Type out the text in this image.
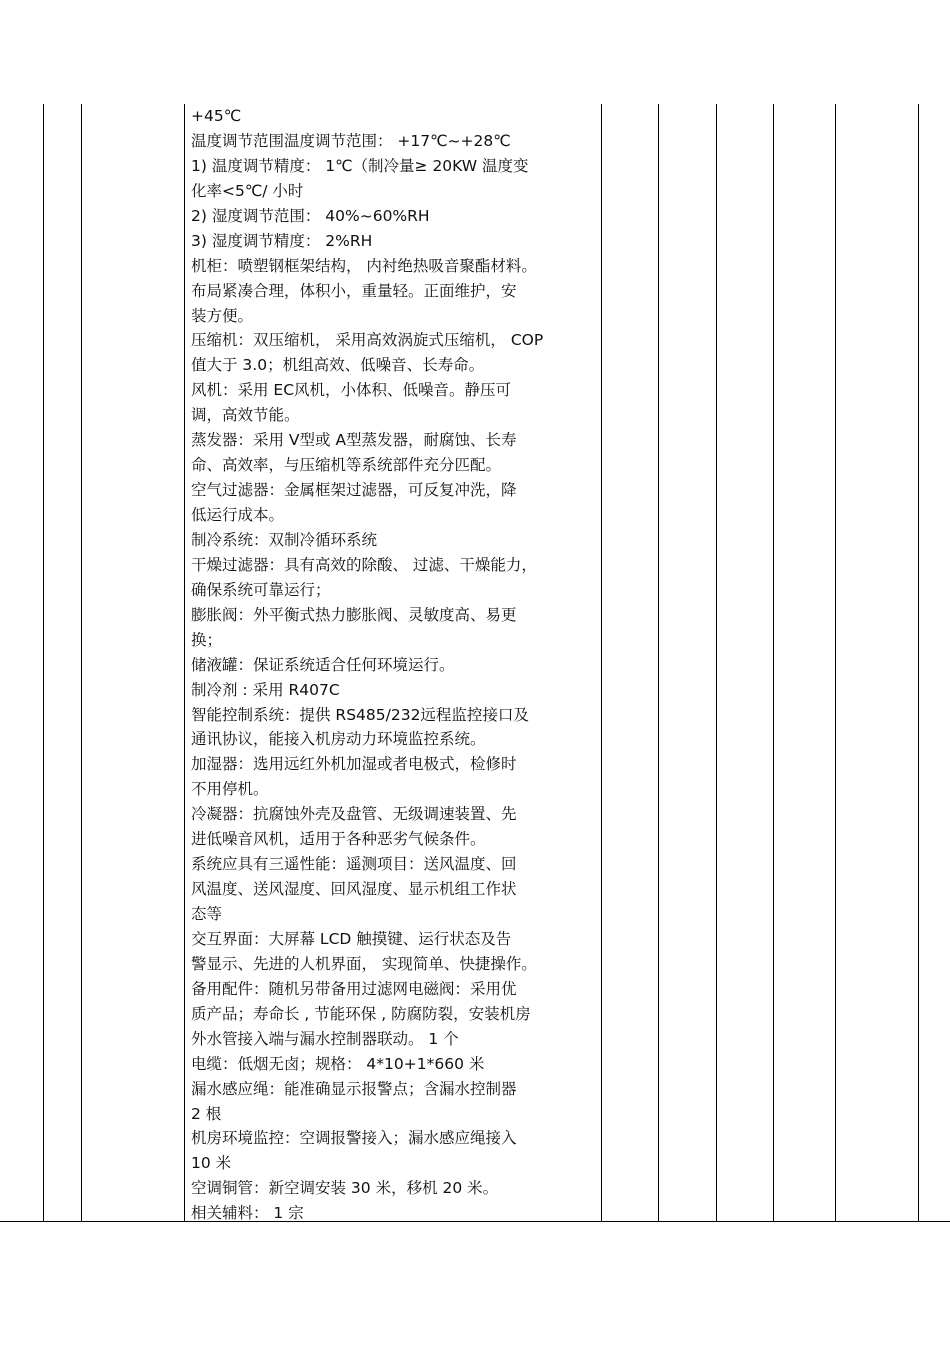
+45℃
温度调节范围温度调节范围： +17℃~+28℃
1) 温度调节精度： 1℃（制冷量≥ 20KW 温度变
化率<5℃/ 小时
2) 湿度调节范围： 40%~60%RH
3) 湿度调节精度： 2%RH
机柜：喷塑钢框架结构， 内衬绝热吸音聚酯材料。
布局紧凑合理，体积小，重量轻。正面维护，安
装方便。
压缩机：双压缩机， 采用高效涡旋式压缩机， COP
值大于 3.0；机组高效、低噪音、长寿命。
风机：采用 EC风机，小体积、低噪音。静压可
调，高效节能。
蒸发器：采用 V型或 A型蒸发器，耐腐蚀、长寿
命、高效率，与压缩机等系统部件充分匹配。
空气过滤器：金属框架过滤器，可反复冲洗，降
低运行成本。
制冷系统：双制冷循环系统
干燥过滤器：具有高效的除酸、 过滤、干燥能力，
确保系统可靠运行；
膨胀阀：外平衡式热力膨胀阀、灵敏度高、易更
换；
储液罐：保证系统适合任何环境运行。
制冷剂 : 采用 R407C
智能控制系统：提供 RS485/232远程监控接口及
通讯协议，能接入机房动力环境监控系统。
加湿器：选用远红外机加湿或者电极式，检修时
不用停机。
冷凝器：抗腐蚀外壳及盘管、无级调速装置、先
进低噪音风机，适用于各种恶劣气候条件。
系统应具有三遥性能：遥测项目：送风温度、回
风温度、送风湿度、回风湿度、显示机组工作状
态等
交互界面：大屏幕 LCD 触摸键、运行状态及告
警显示、先进的人机界面， 实现简单、快捷操作。
备用配件：随机另带备用过滤网电磁阀：采用优
质产品；寿命长 , 节能环保 , 防腐防裂，安装机房
外水管接入端与漏水控制器联动。 1 个
电缆：低烟无卤；规格： 4*10+1*660 米
漏水感应绳：能准确显示报警点；含漏水控制器
2 根
机房环境监控：空调报警接入；漏水感应绳接入
10 米
空调铜管：新空调安装 30 米，移机 20 米。
相关辅料： 1 宗
